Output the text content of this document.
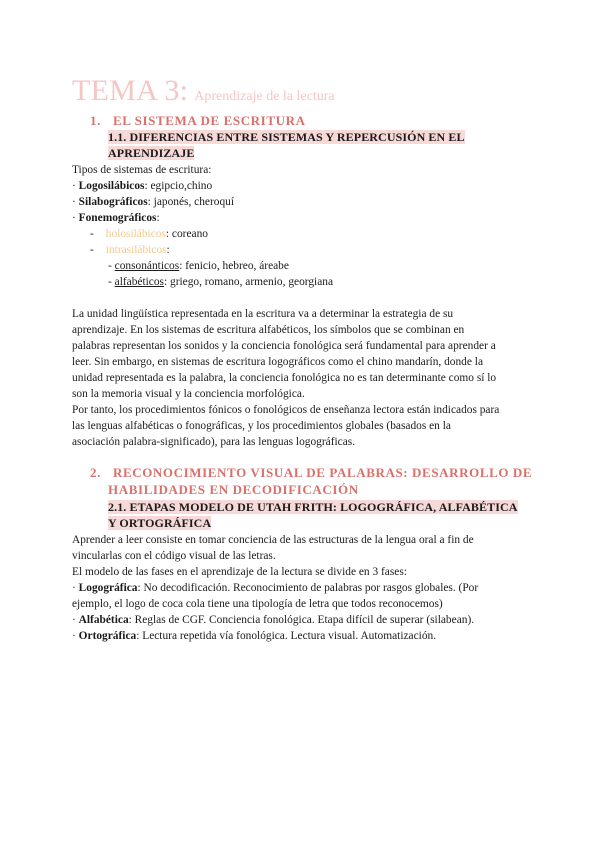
TEMA 3: Aprendizaje de la lectura
1. EL SISTEMA DE ESCRITURA
1.1. DIFERENCIAS ENTRE SISTEMAS Y REPERCUSIÓN EN EL
APRENDIZAJE
Tipos de sistemas de escritura:
· Logosilábicos: egipcio,chino
· Silabográficos: japonés, cheroquí
· Fonemográficos:
- holosilábicos: coreano
- intrasilábicos:
- consonánticos: fenicio, hebreo, áreabe
- alfabéticos: griego, romano, armenio, georgiana
La unidad lingüística representada en la escritura va a determinar la estrategia de su
aprendizaje. En los sistemas de escritura alfabéticos, los símbolos que se combinan en
palabras representan los sonidos y la conciencia fonológica será fundamental para aprender a
leer. Sin embargo, en sistemas de escritura logográficos como el chino mandarín, donde la
unidad representada es la palabra, la conciencia fonológica no es tan determinante como sí lo
son la memoria visual y la conciencia morfológica.
Por tanto, los procedimientos fónicos o fonológicos de enseñanza lectora están indicados para
las lenguas alfabéticas o fonográficas, y los procedimientos globales (basados en la
asociación palabra-significado), para las lenguas logográficas.
2. RECONOCIMIENTO VISUAL DE PALABRAS: DESARROLLO DE
HABILIDADES EN DECODIFICACIÓN
2.1. ETAPAS MODELO DE UTAH FRITH: LOGOGRÁFICA, ALFABÉTICA
Y ORTOGRÁFICA
Aprender a leer consiste en tomar conciencia de las estructuras de la lengua oral a fin de
vincularlas con el código visual de las letras.
El modelo de las fases en el aprendizaje de la lectura se divide en 3 fases:
· Logográfica: No decodificación. Reconocimiento de palabras por rasgos globales. (Por
ejemplo, el logo de coca cola tiene una tipología de letra que todos reconocemos)
· Alfabética: Reglas de CGF. Conciencia fonológica. Etapa difícil de superar (silabean).
· Ortográfica: Lectura repetida vía fonológica. Lectura visual. Automatización.
